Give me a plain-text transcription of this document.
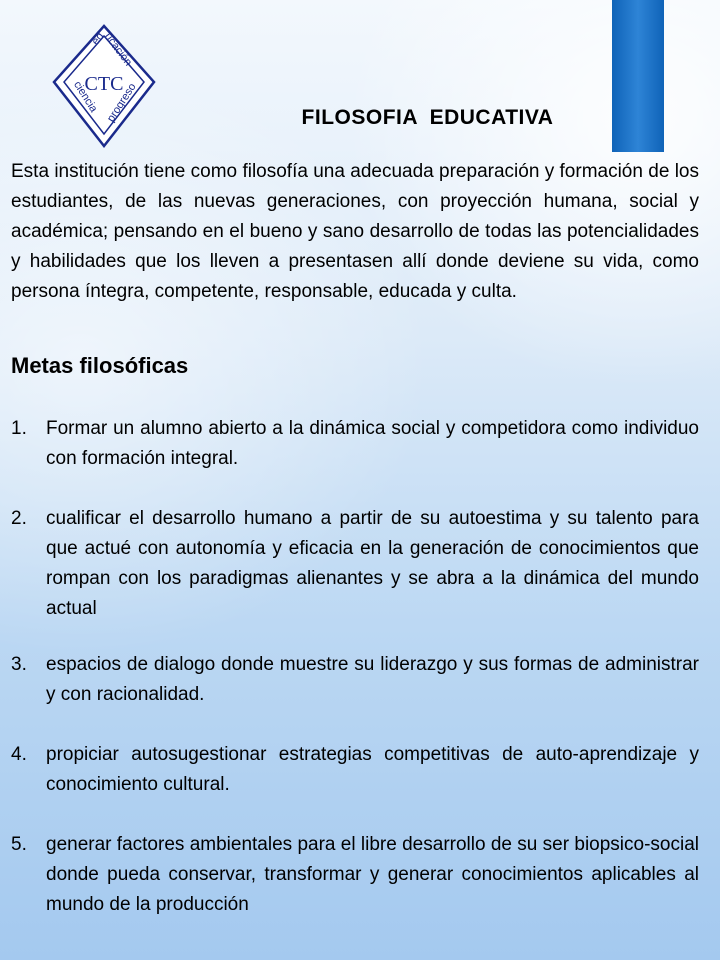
educación
ciencia
progreso
CTC
FILOSOFIA EDUCATIVA

Esta institución tiene como filosofía una adecuada preparación y formación de los estudiantes, de las nuevas generaciones, con proyección humana, social y académica; pensando en el bueno y sano desarrollo de todas las potencialidades y habilidades que los lleven a presentasen allí donde deviene su vida, como persona íntegra, competente, responsable, educada y culta.

Metas filosóficas
1. Formar un alumno abierto a la dinámica social y competidora como individuo con formación integral.
2. cualificar el desarrollo humano a partir de su autoestima y su talento para que actué con autonomía y eficacia en la generación de conocimientos que rompan con los paradigmas alienantes y se abra a la dinámica del mundo actual
3. espacios de dialogo donde muestre su liderazgo y sus formas de administrar y con racionalidad.
4. propiciar autosugestionar estrategias competitivas de auto-aprendizaje y conocimiento cultural.
5. generar factores ambientales para el libre desarrollo de su ser biopsico-social donde pueda conservar, transformar y generar conocimientos aplicables al mundo de la producción
